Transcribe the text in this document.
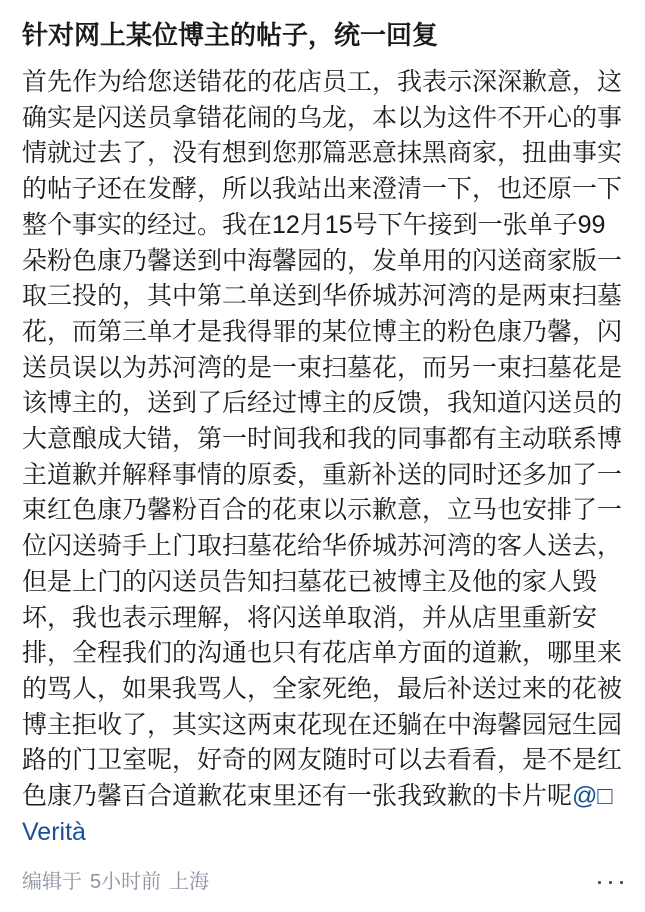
针对网上某位博主的帖子，统一回复

首先作为给您送错花的花店员工，我表示深深歉意，这确实是闪送员拿错花闹的乌龙，本以为这件不开心的事情就过去了，没有想到您那篇恶意抹黑商家，扭曲事实的帖子还在发酵，所以我站出来澄清一下，也还原一下整个事实的经过。我在12月15号下午接到一张单子99朵粉色康乃馨送到中海馨园的，发单用的闪送商家版一取三投的，其中第二单送到华侨城苏河湾的是两束扫墓花，而第三单才是我得罪的某位博主的粉色康乃馨，闪送员误以为苏河湾的是一束扫墓花，而另一束扫墓花是该博主的，送到了后经过博主的反馈，我知道闪送员的大意酿成大错，第一时间我和我的同事都有主动联系博主道歉并解释事情的原委，重新补送的同时还多加了一束红色康乃馨粉百合的花束以示歉意，立马也安排了一位闪送骑手上门取扫墓花给华侨城苏河湾的客人送去，但是上门的闪送员告知扫墓花已被博主及他的家人毁坏，我也表示理解，将闪送单取消，并从店里重新安排，全程我们的沟通也只有花店单方面的道歉，哪里来的骂人，如果我骂人，全家死绝，最后补送过来的花被博主拒收了，其实这两束花现在还躺在中海馨园冠生园路的门卫室呢，好奇的网友随时可以去看看，是不是红色康乃馨百合道歉花束里还有一张我致歉的卡片呢@□Verità

编辑于 5小时前 上海
